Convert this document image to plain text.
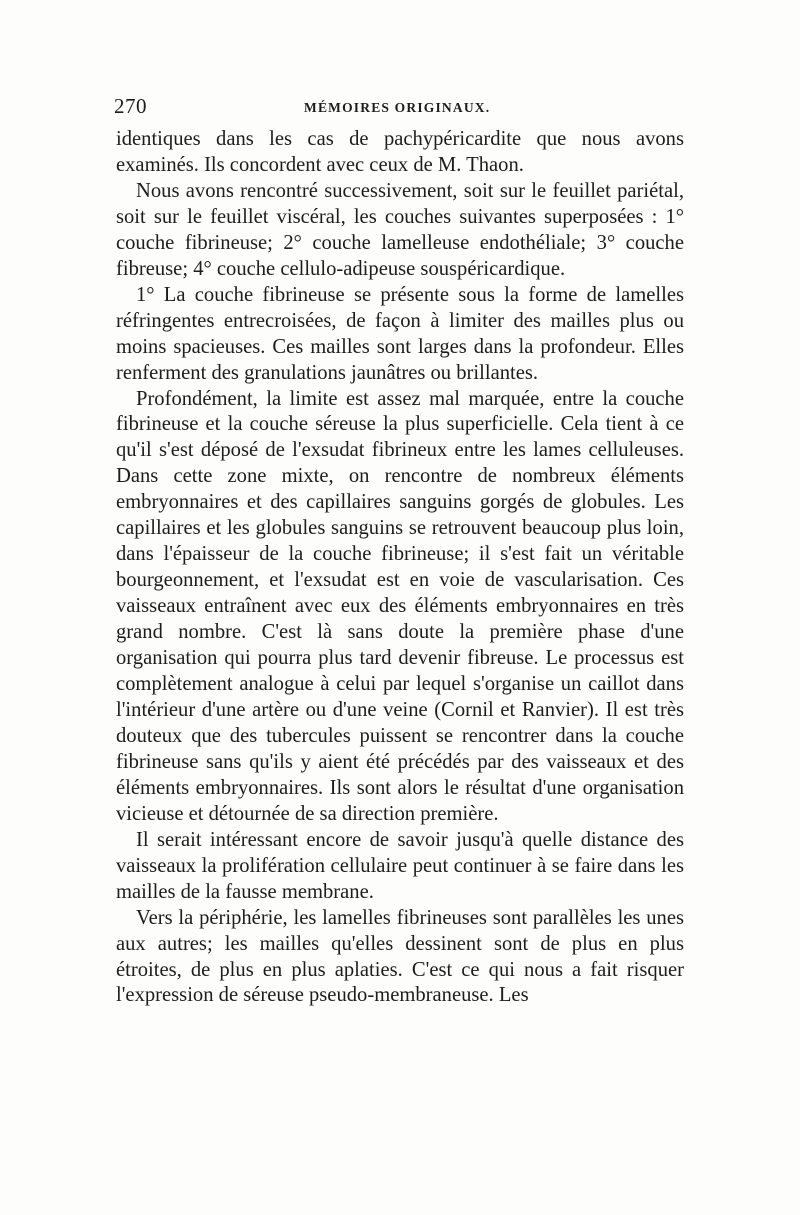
270	MÉMOIRES ORIGINAUX.

identiques dans les cas de pachypéricardite que nous avons examinés. Ils concordent avec ceux de M. Thaon.

Nous avons rencontré successivement, soit sur le feuillet pariétal, soit sur le feuillet viscéral, les couches suivantes superposées : 1° couche fibrineuse; 2° couche lamelleuse endothéliale; 3° couche fibreuse; 4° couche cellulo-adipeuse souspéricardique.

1° La couche fibrineuse se présente sous la forme de lamelles réfringentes entrecroisées, de façon à limiter des mailles plus ou moins spacieuses. Ces mailles sont larges dans la profondeur. Elles renferment des granulations jaunâtres ou brillantes.

Profondément, la limite est assez mal marquée, entre la couche fibrineuse et la couche séreuse la plus superficielle. Cela tient à ce qu'il s'est déposé de l'exsudat fibrineux entre les lames celluleuses. Dans cette zone mixte, on rencontre de nombreux éléments embryonnaires et des capillaires sanguins gorgés de globules. Les capillaires et les globules sanguins se retrouvent beaucoup plus loin, dans l'épaisseur de la couche fibrineuse; il s'est fait un véritable bourgeonnement, et l'exsudat est en voie de vascularisation. Ces vaisseaux entraînent avec eux des éléments embryonnaires en très grand nombre. C'est là sans doute la première phase d'une organisation qui pourra plus tard devenir fibreuse. Le processus est complètement analogue à celui par lequel s'organise un caillot dans l'intérieur d'une artère ou d'une veine (Cornil et Ranvier). Il est très douteux que des tubercules puissent se rencontrer dans la couche fibrineuse sans qu'ils y aient été précédés par des vaisseaux et des éléments embryonnaires. Ils sont alors le résultat d'une organisation vicieuse et détournée de sa direction première.

Il serait intéressant encore de savoir jusqu'à quelle distance des vaisseaux la prolifération cellulaire peut continuer à se faire dans les mailles de la fausse membrane.

Vers la périphérie, les lamelles fibrineuses sont parallèles les unes aux autres; les mailles qu'elles dessinent sont de plus en plus étroites, de plus en plus aplaties. C'est ce qui nous a fait risquer l'expression de séreuse pseudo-membraneuse. Les
